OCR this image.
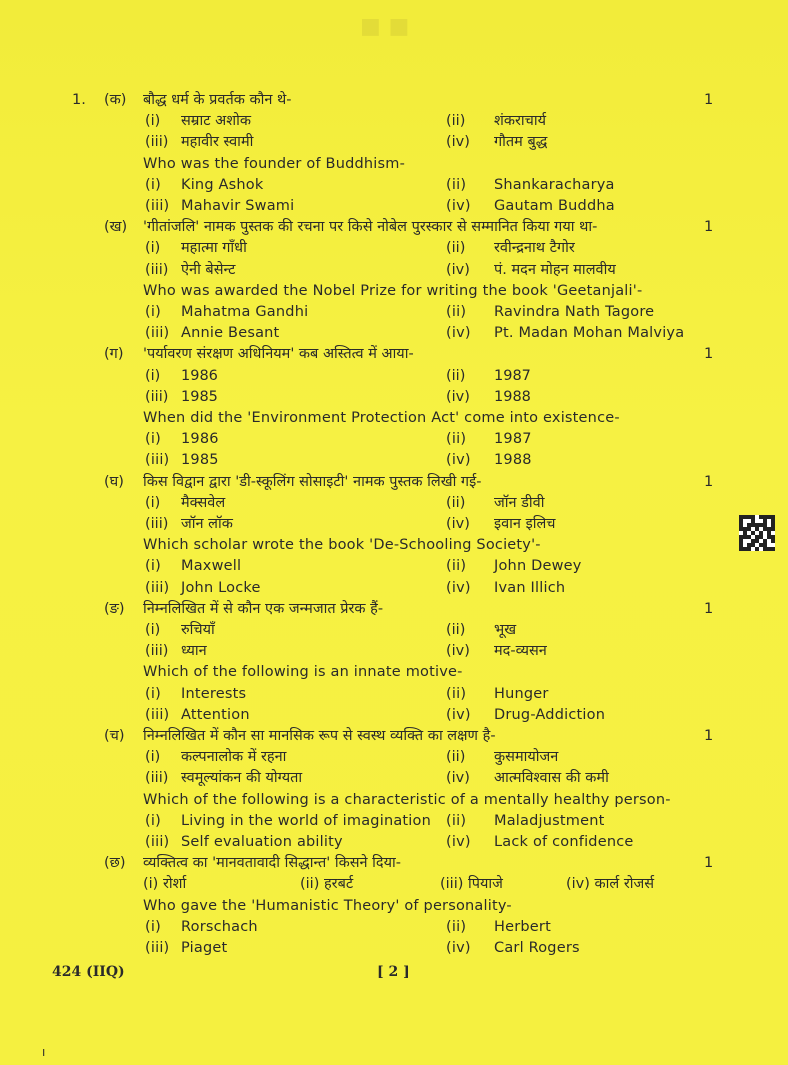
■ ■
1. (क) बौद्ध धर्म के प्रवर्तक कौन थे-	1
(i) सम्राट अशोक	(ii) शंकराचार्य
(iii) महावीर स्वामी	(iv) गौतम बुद्ध
Who was the founder of Buddhism-
(i) King Ashok	(ii) Shankaracharya
(iii) Mahavir Swami	(iv) Gautam Buddha
(ख) 'गीतांजलि' नामक पुस्तक की रचना पर किसे नोबेल पुरस्कार से सम्मानित किया गया था-	1
(i) महात्मा गाँधी	(ii) रवीन्द्रनाथ टैगोर
(iii) ऐनी बेसेन्ट	(iv) पं. मदन मोहन मालवीय
Who was awarded the Nobel Prize for writing the book 'Geetanjali'-
(i) Mahatma Gandhi	(ii) Ravindra Nath Tagore
(iii) Annie Besant	(iv) Pt. Madan Mohan Malviya
(ग) 'पर्यावरण संरक्षण अधिनियम' कब अस्तित्व में आया-	1
(i) 1986	(ii) 1987
(iii) 1985	(iv) 1988
When did the 'Environment Protection Act' come into existence-
(i) 1986	(ii) 1987
(iii) 1985	(iv) 1988
(घ) किस विद्वान द्वारा 'डी-स्कूलिंग सोसाइटी' नामक पुस्तक लिखी गई-	1
(i) मैक्सवेल	(ii) जॉन डीवी
(iii) जॉन लॉक	(iv) इवान इलिच
Which scholar wrote the book 'De-Schooling Society'-
(i) Maxwell	(ii) John Dewey
(iii) John Locke	(iv) Ivan Illich
(ङ) निम्नलिखित में से कौन एक जन्मजात प्रेरक हैं-	1
(i) रुचियाँ	(ii) भूख
(iii) ध्यान	(iv) मद-व्यसन
Which of the following is an innate motive-
(i) Interests	(ii) Hunger
(iii) Attention	(iv) Drug-Addiction
(च) निम्नलिखित में कौन सा मानसिक रूप से स्वस्थ व्यक्ति का लक्षण है-	1
(i) कल्पनालोक में रहना	(ii) कुसमायोजन
(iii) स्वमूल्यांकन की योग्यता	(iv) आत्मविश्वास की कमी
Which of the following is a characteristic of a mentally healthy person-
(i) Living in the world of imagination (ii) Maladjustment
(iii) Self evaluation ability	(iv) Lack of confidence
(छ) व्यक्तित्व का 'मानवतावादी सिद्धान्त' किसने दिया-	1
(i) रोर्शा	(ii) हरबर्ट	(iii) पियाजे	(iv) कार्ल रोजर्स
Who gave the 'Humanistic Theory' of personality-
(i) Rorschach	(ii) Herbert
(iii) Piaget	(iv) Carl Rogers
424 (IIQ)	[ 2 ]
ı
